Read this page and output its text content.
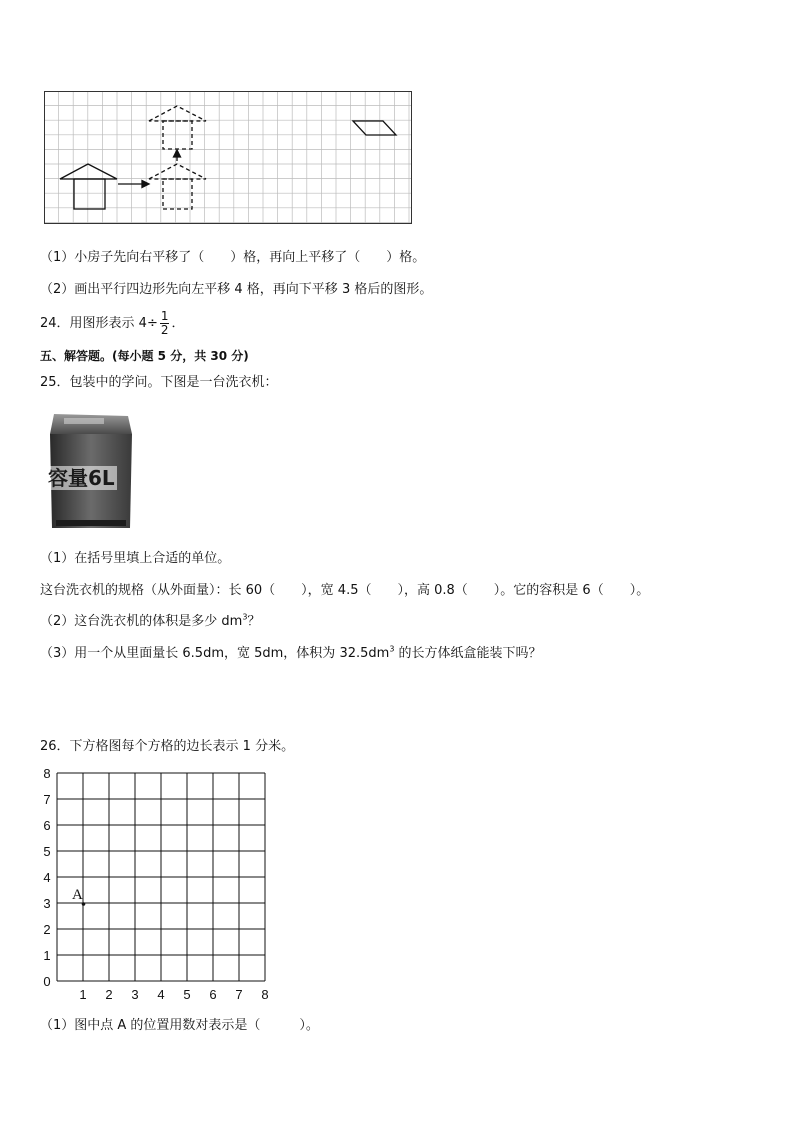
（1）小房子先向右平移了（　　）格，再向上平移了（　　）格。
（2）画出平行四边形先向左平移 4 格，再向下平移 3 格后的图形。
24．用图形表示 $4\div \frac{1}{2}$ ．
五、解答题。(每小题 5 分，共 30 分)
25．包装中的学问。下图是一台洗衣机：
容量6L
（1）在括号里填上合适的单位。
这台洗衣机的规格（从外面量）：长 60（　　），宽 4.5（　　），高 0.8（　　）。它的容积是 6（　　）。
（2）这台洗衣机的体积是多少 $dm^3$？
（3）用一个从里面量长 6.5dm，宽 5dm，体积为 $32.5dm^3$ 的长方体纸盒能装下吗？
26．下方格图每个方格的边长表示 1 分米。
8
7
6
5
4
3
2
1
0
1 2 3 4 5 6 7 8
A
（1）图中点 A 的位置用数对表示是（　　　）。
